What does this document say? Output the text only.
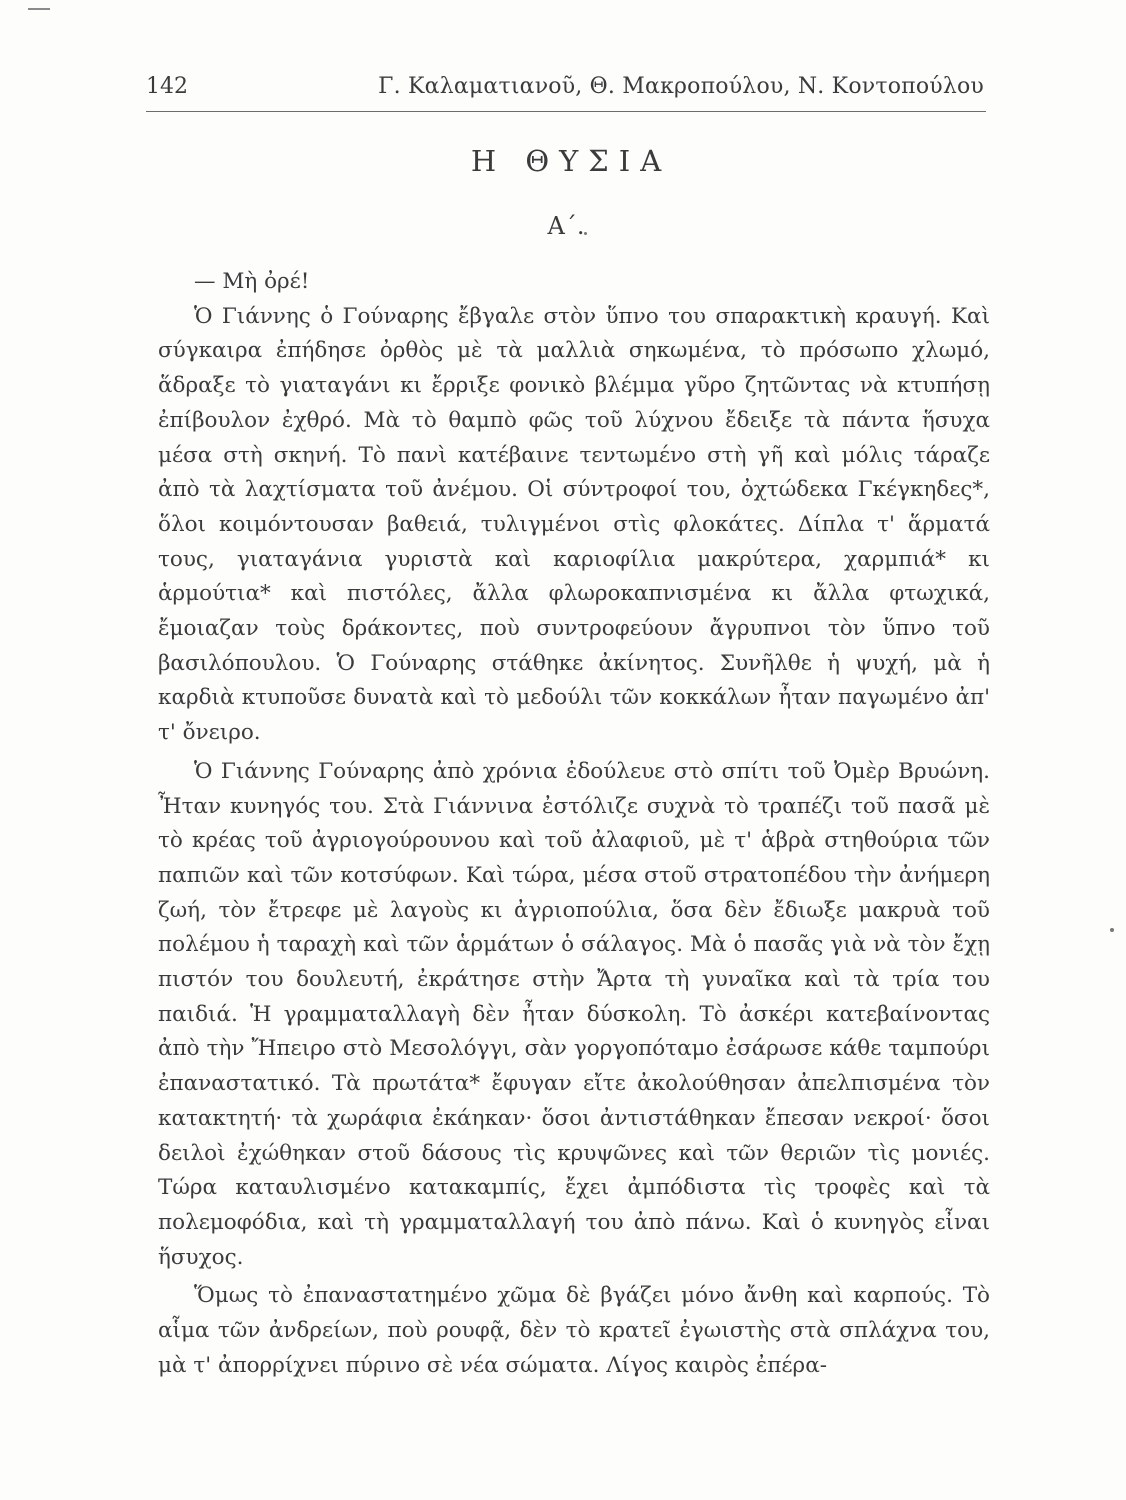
142	Γ. Καλαματιανοῦ, Θ. Μακροπούλου, Ν. Κοντοπούλου
Η ΘΥΣΙΑ
Α΄.

— Μὴ ὀρέ!

Ὁ Γιάννης ὁ Γούναρης ἔβγαλε στὸν ὕπνο του σπαρακτικὴ κραυγή. Καὶ σύγκαιρα ἐπήδησε ὀρθὸς μὲ τὰ μαλλιὰ σηκωμένα, τὸ πρόσωπο χλωμό, ἅδραξε τὸ γιαταγάνι κι ἔρριξε φονικὸ βλέμμα γῦρο ζητῶντας νὰ κτυπήσῃ ἐπίβουλον ἐχθρό. Μὰ τὸ θαμπὸ φῶς τοῦ λύχνου ἔδειξε τὰ πάντα ἥσυχα μέσα στὴ σκηνή. Τὸ πανὶ κατέβαινε τεντωμένο στὴ γῆ καὶ μόλις τάραζε ἀπὸ τὰ λαχτίσματα τοῦ ἀνέμου. Οἱ σύντροφοί του, ὀχτώδεκα Γκέγκηδες*, ὅλοι κοιμόντουσαν βαθειά, τυλιγμένοι στὶς φλοκάτες. Δίπλα τ' ἅρματά τους, γιαταγάνια γυριστὰ καὶ καριοφίλια μακρύτερα, χαρμπιά* κι ἁρμούτια* καὶ πιστόλες, ἄλλα φλωροκαπνισμένα κι ἄλλα φτωχικά, ἔμοιαζαν τοὺς δράκοντες, ποὺ συντροφεύουν ἄγρυπνοι τὸν ὕπνο τοῦ βασιλόπουλου. Ὁ Γούναρης στάθηκε ἀκίνητος. Συνῆλθε ἡ ψυχή, μὰ ἡ καρδιὰ κτυποῦσε δυνατὰ καὶ τὸ μεδούλι τῶν κοκκάλων ἦταν παγωμένο ἀπ' τ' ὄνειρο.

Ὁ Γιάννης Γούναρης ἀπὸ χρόνια ἐδούλευε στὸ σπίτι τοῦ Ὀμὲρ Βρυώνη. Ἦταν κυνηγός του. Στὰ Γιάννινα ἐστόλιζε συχνὰ τὸ τραπέζι τοῦ πασᾶ μὲ τὸ κρέας τοῦ ἀγριογούρουνου καὶ τοῦ ἀλαφιοῦ, μὲ τ' ἁβρὰ στηθούρια τῶν παπιῶν καὶ τῶν κοτσύφων. Καὶ τώρα, μέσα στοῦ στρατοπέδου τὴν ἀνήμερη ζωή, τὸν ἔτρεφε μὲ λαγοὺς κι ἀγριοπούλια, ὅσα δὲν ἔδιωξε μακρυὰ τοῦ πολέμου ἡ ταραχὴ καὶ τῶν ἁρμάτων ὁ σάλαγος. Μὰ ὁ πασᾶς γιὰ νὰ τὸν ἔχῃ πιστόν του δουλευτή, ἐκράτησε στὴν Ἄρτα τὴ γυναῖκα καὶ τὰ τρία του παιδιά. Ἡ γραμματαλλαγὴ δὲν ἦταν δύσκολη. Τὸ ἀσκέρι κατεβαίνοντας ἀπὸ τὴν Ἤπειρο στὸ Μεσολόγγι, σὰν γοργοπόταμο ἐσάρωσε κάθε ταμπούρι ἐπαναστατικό. Τὰ πρωτάτα* ἔφυγαν εἴτε ἀκολούθησαν ἀπελπισμένα τὸν κατακτητή· τὰ χωράφια ἐκάηκαν· ὅσοι ἀντιστάθηκαν ἔπεσαν νεκροί· ὅσοι δειλοὶ ἐχώθηκαν στοῦ δάσους τὶς κρυψῶνες καὶ τῶν θεριῶν τὶς μονιές. Τώρα καταυλισμένο κατακαμπίς, ἔχει ἀμπόδιστα τὶς τροφὲς καὶ τὰ πολεμοφόδια, καὶ τὴ γραμματαλλαγή του ἀπὸ πάνω. Καὶ ὁ κυνηγὸς εἶναι ἥσυχος.

Ὅμως τὸ ἐπαναστατημένο χῶμα δὲ βγάζει μόνο ἄνθη καὶ καρπούς. Τὸ αἷμα τῶν ἀνδρείων, ποὺ ρουφᾷ, δὲν τὸ κρατεῖ ἐγωιστὴς στὰ σπλάχνα του, μὰ τ' ἀπορρίχνει πύρινο σὲ νέα σώματα. Λίγος καιρὸς ἐπέρα-
